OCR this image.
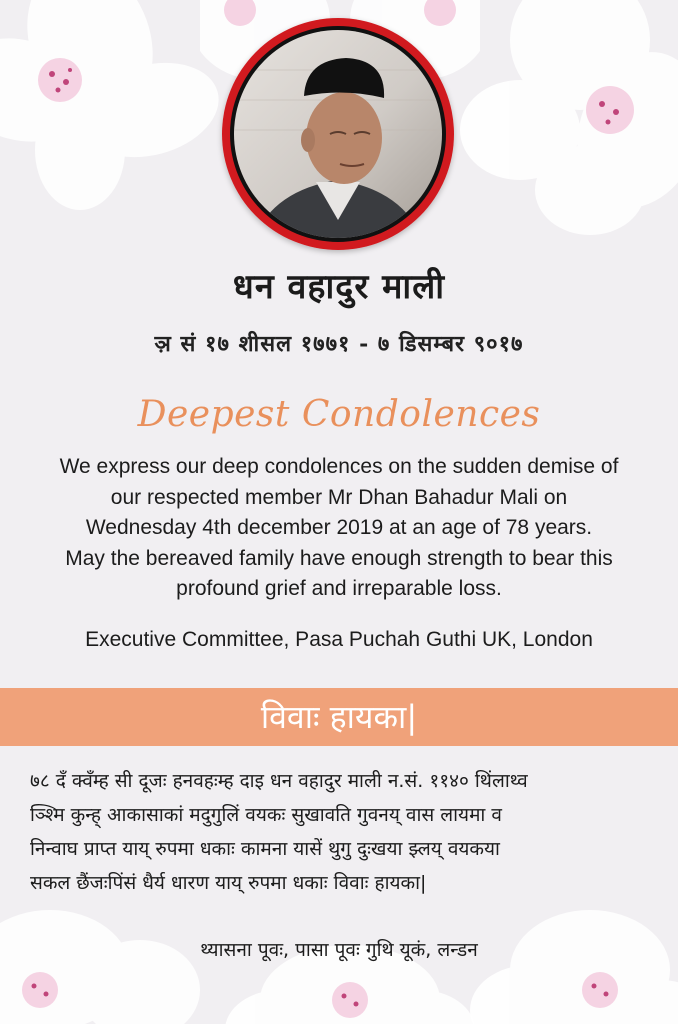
धन वहादुर माली
ञ़ सं १७ शीसल १७७१ - ७ डिसम्बर ९०१७
Deepest Condolences

We express our deep condolences on the sudden demise of

our respected member Mr Dhan Bahadur Mali on

Wednesday 4th december 2019 at an age of 78 years.

May the bereaved family have enough strength to bear this

profound grief and irreparable loss.

Executive Committee, Pasa Puchah Guthi UK, London
विवाः हायका|
७८ दँ क्वँम्ह सी दूजः हनवहःम्ह दाइ धन वहादुर माली न.सं. ११४० थिंलाथ्व
ञ्‍श्‍मि कुन्ह्‌ आकासाकां मदुगुलिं वयकः सुखावति गुवनय्‌ वास लायमा व
निन्‍वाघ प्राप्‍त याय् रुपमा धकाः कामना यासें थुगु दुःखया झ्‍लय्‌ वयकया
सकल छैंजःपिंसं धैर्य धारण याय् रुपमा धकाः विवाः हायका|
थ्यासना पूवः, पासा पूवः गुथि यूकं, लन्डन
